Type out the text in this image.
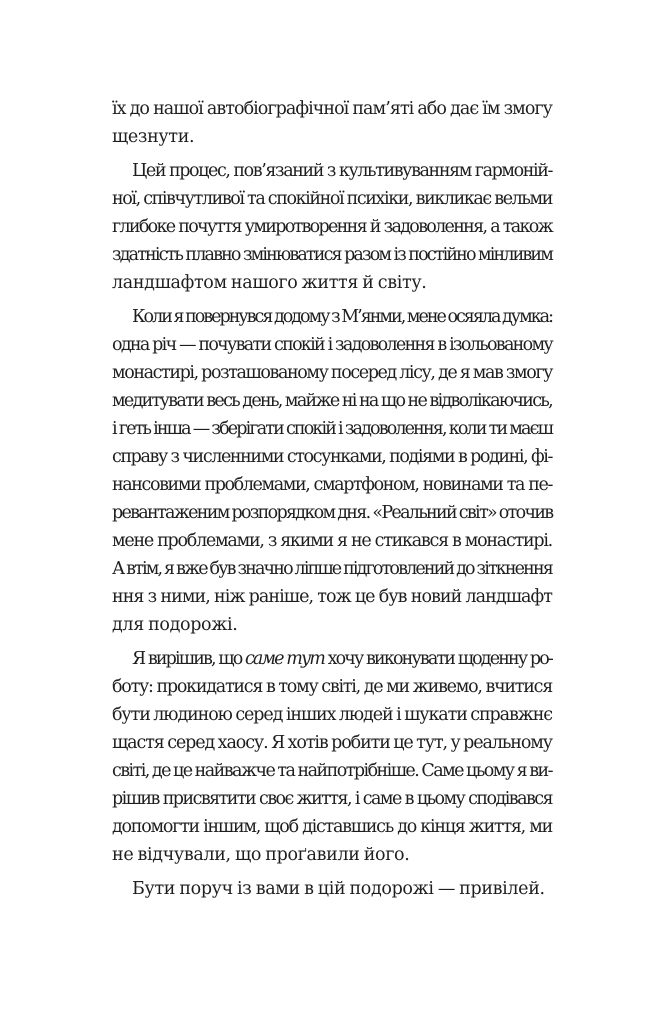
їх до нашої автобіографічної пам’яті або дає їм змогу
щезнути.

Цей процес, пов’язаний з культивуванням гармоній-
ної, співчутливої та спокійної психіки, викликає вельми
глибоке почуття умиротворення й задоволення, а також
здатність плавно змінюватися разом із постійно мінливим
ландшафтом нашого життя й світу.

Коли я повернувся додому з М’янми, мене осяяла думка:
одна річ — почувати спокій і задоволення в ізольованому
монастирі, розташованому посеред лісу, де я мав змогу
медитувати весь день, майже ні на що не відволікаючись,
і геть інша — зберігати спокій і задоволення, коли ти маєш
справу з численними стосунками, подіями в родині, фі-
нансовими проблемами, смартфоном, новинами та пе-
ревантаженим розпорядком дня. «Реальний світ» оточив
мене проблемами, з якими я не стикався в монастирі.
А втім, я вже був значно ліпше підготовлений до зіткнення
ння з ними, ніж раніше, тож це був новий ландшафт
для подорожі.

Я вирішив, що саме тут хочу виконувати щоденну ро-
боту: прокидатися в тому світі, де ми живемо, вчитися
бути людиною серед інших людей і шукати справжнє
щастя серед хаосу. Я хотів робити це тут, у реальному
світі, де це найважче та найпотрібніше. Саме цьому я ви-
рішив присвятити своє життя, і саме в цьому сподівався
допомогти іншим, щоб діставшись до кінця життя, ми
не відчували, що проґавили його.

Бути поруч із вами в цій подорожі — привілей.
